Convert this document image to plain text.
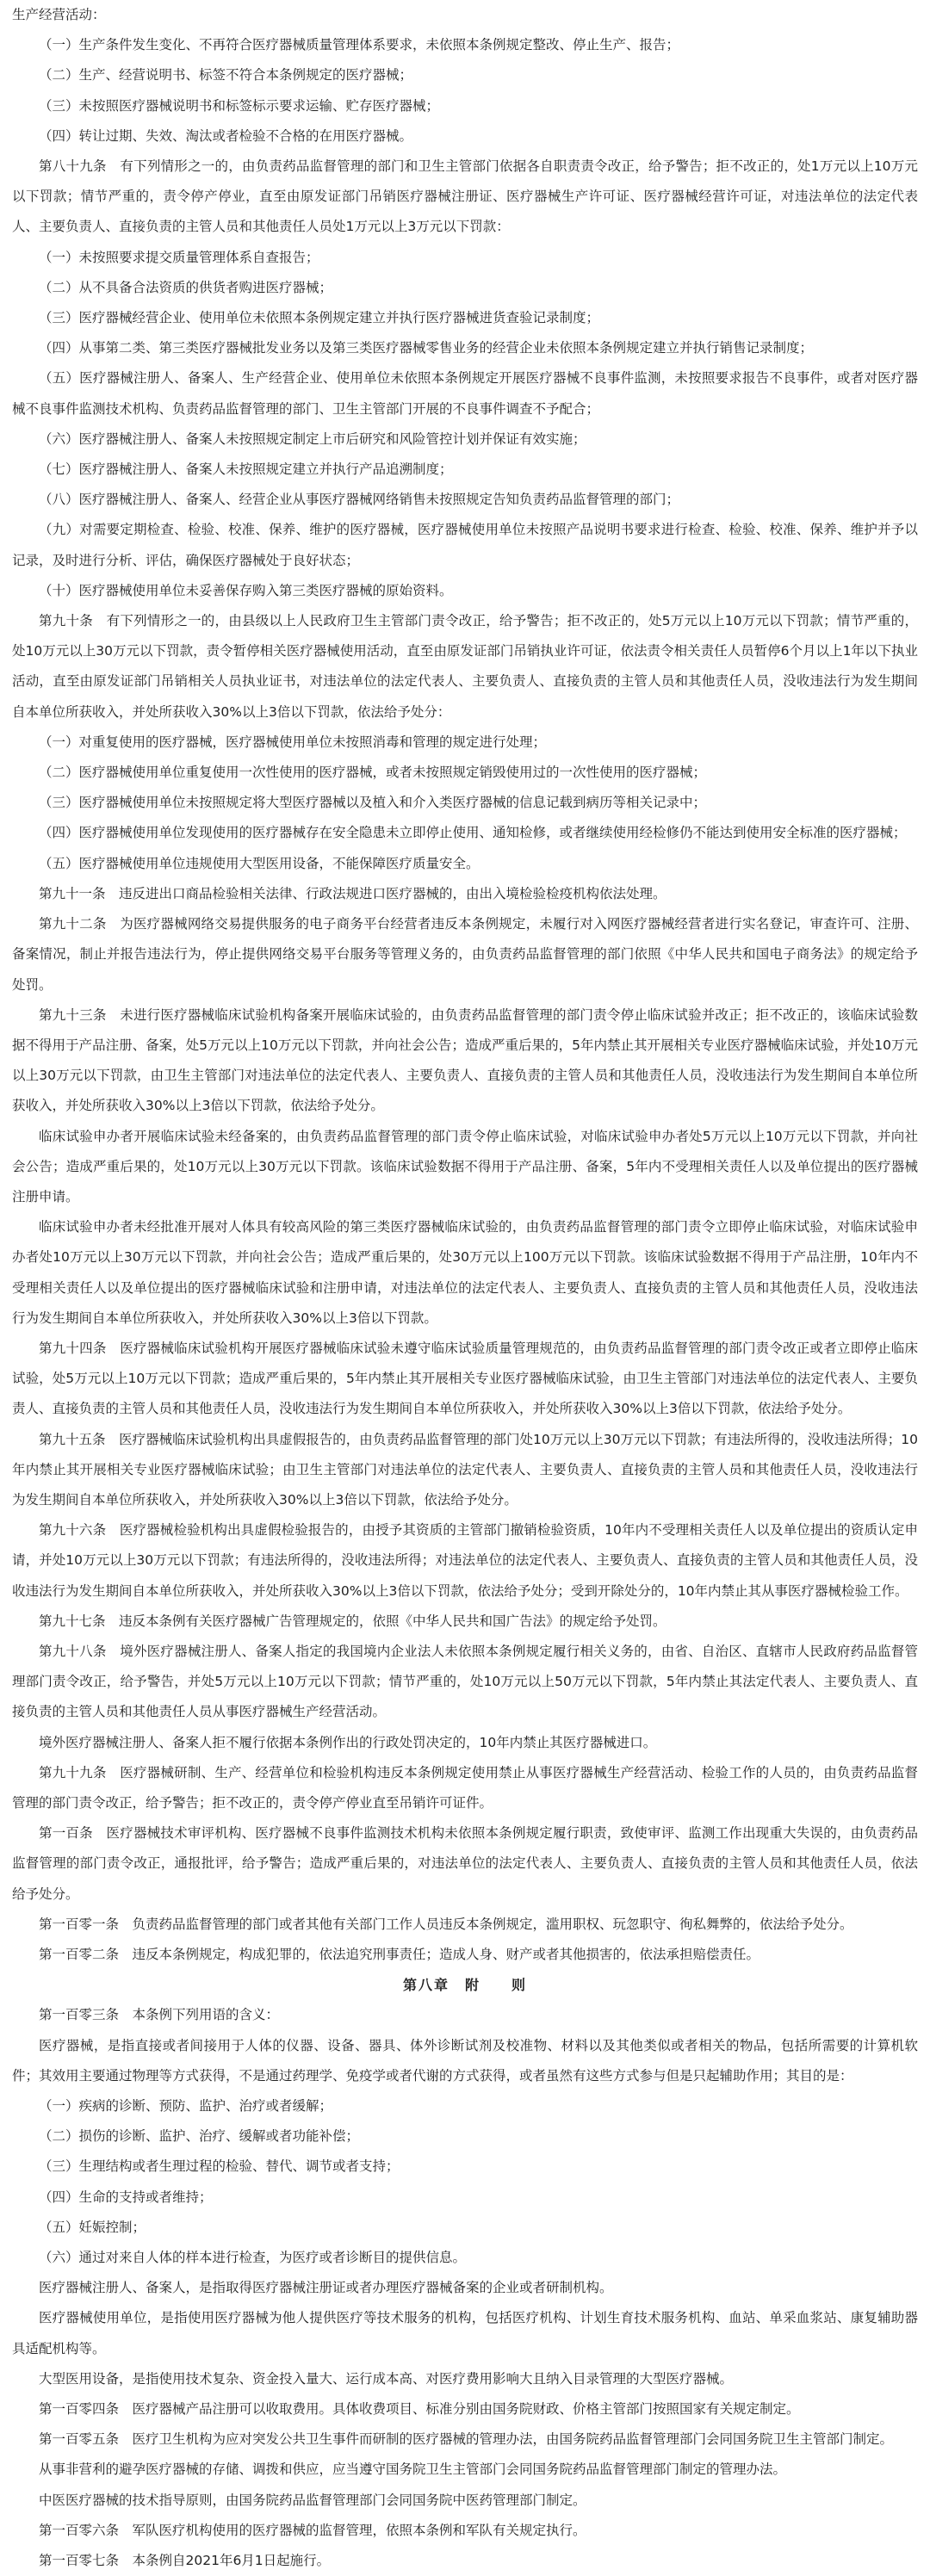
生产经营活动：

（一）生产条件发生变化、不再符合医疗器械质量管理体系要求，未依照本条例规定整改、停止生产、报告；

（二）生产、经营说明书、标签不符合本条例规定的医疗器械；

（三）未按照医疗器械说明书和标签标示要求运输、贮存医疗器械；

（四）转让过期、失效、淘汰或者检验不合格的在用医疗器械。

第八十九条　有下列情形之一的，由负责药品监督管理的部门和卫生主管部门依据各自职责责令改正，给予警告；拒不改正的，处1万元以上10万元以下罚款；情节严重的，责令停产停业，直至由原发证部门吊销医疗器械注册证、医疗器械生产许可证、医疗器械经营许可证，对违法单位的法定代表人、主要负责人、直接负责的主管人员和其他责任人员处1万元以上3万元以下罚款：

（一）未按照要求提交质量管理体系自查报告；

（二）从不具备合法资质的供货者购进医疗器械；

（三）医疗器械经营企业、使用单位未依照本条例规定建立并执行医疗器械进货查验记录制度；

（四）从事第二类、第三类医疗器械批发业务以及第三类医疗器械零售业务的经营企业未依照本条例规定建立并执行销售记录制度；

（五）医疗器械注册人、备案人、生产经营企业、使用单位未依照本条例规定开展医疗器械不良事件监测，未按照要求报告不良事件，或者对医疗器械不良事件监测技术机构、负责药品监督管理的部门、卫生主管部门开展的不良事件调查不予配合；

（六）医疗器械注册人、备案人未按照规定制定上市后研究和风险管控计划并保证有效实施；

（七）医疗器械注册人、备案人未按照规定建立并执行产品追溯制度；

（八）医疗器械注册人、备案人、经营企业从事医疗器械网络销售未按照规定告知负责药品监督管理的部门；

（九）对需要定期检查、检验、校准、保养、维护的医疗器械，医疗器械使用单位未按照产品说明书要求进行检查、检验、校准、保养、维护并予以记录，及时进行分析、评估，确保医疗器械处于良好状态；

（十）医疗器械使用单位未妥善保存购入第三类医疗器械的原始资料。

第九十条　有下列情形之一的，由县级以上人民政府卫生主管部门责令改正，给予警告；拒不改正的，处5万元以上10万元以下罚款；情节严重的，处10万元以上30万元以下罚款，责令暂停相关医疗器械使用活动，直至由原发证部门吊销执业许可证，依法责令相关责任人员暂停6个月以上1年以下执业活动，直至由原发证部门吊销相关人员执业证书，对违法单位的法定代表人、主要负责人、直接负责的主管人员和其他责任人员，没收违法行为发生期间自本单位所获收入，并处所获收入30%以上3倍以下罚款，依法给予处分：

（一）对重复使用的医疗器械，医疗器械使用单位未按照消毒和管理的规定进行处理；

（二）医疗器械使用单位重复使用一次性使用的医疗器械，或者未按照规定销毁使用过的一次性使用的医疗器械；

（三）医疗器械使用单位未按照规定将大型医疗器械以及植入和介入类医疗器械的信息记载到病历等相关记录中；

（四）医疗器械使用单位发现使用的医疗器械存在安全隐患未立即停止使用、通知检修，或者继续使用经检修仍不能达到使用安全标准的医疗器械；

（五）医疗器械使用单位违规使用大型医用设备，不能保障医疗质量安全。

第九十一条　违反进出口商品检验相关法律、行政法规进口医疗器械的，由出入境检验检疫机构依法处理。

第九十二条　为医疗器械网络交易提供服务的电子商务平台经营者违反本条例规定，未履行对入网医疗器械经营者进行实名登记，审查许可、注册、备案情况，制止并报告违法行为，停止提供网络交易平台服务等管理义务的，由负责药品监督管理的部门依照《中华人民共和国电子商务法》的规定给予处罚。

第九十三条　未进行医疗器械临床试验机构备案开展临床试验的，由负责药品监督管理的部门责令停止临床试验并改正；拒不改正的，该临床试验数据不得用于产品注册、备案，处5万元以上10万元以下罚款，并向社会公告；造成严重后果的，5年内禁止其开展相关专业医疗器械临床试验，并处10万元以上30万元以下罚款，由卫生主管部门对违法单位的法定代表人、主要负责人、直接负责的主管人员和其他责任人员，没收违法行为发生期间自本单位所获收入，并处所获收入30%以上3倍以下罚款，依法给予处分。

临床试验申办者开展临床试验未经备案的，由负责药品监督管理的部门责令停止临床试验，对临床试验申办者处5万元以上10万元以下罚款，并向社会公告；造成严重后果的，处10万元以上30万元以下罚款。该临床试验数据不得用于产品注册、备案，5年内不受理相关责任人以及单位提出的医疗器械注册申请。

临床试验申办者未经批准开展对人体具有较高风险的第三类医疗器械临床试验的，由负责药品监督管理的部门责令立即停止临床试验，对临床试验申办者处10万元以上30万元以下罚款，并向社会公告；造成严重后果的，处30万元以上100万元以下罚款。该临床试验数据不得用于产品注册，10年内不受理相关责任人以及单位提出的医疗器械临床试验和注册申请，对违法单位的法定代表人、主要负责人、直接负责的主管人员和其他责任人员，没收违法行为发生期间自本单位所获收入，并处所获收入30%以上3倍以下罚款。

第九十四条　医疗器械临床试验机构开展医疗器械临床试验未遵守临床试验质量管理规范的，由负责药品监督管理的部门责令改正或者立即停止临床试验，处5万元以上10万元以下罚款；造成严重后果的，5年内禁止其开展相关专业医疗器械临床试验，由卫生主管部门对违法单位的法定代表人、主要负责人、直接负责的主管人员和其他责任人员，没收违法行为发生期间自本单位所获收入，并处所获收入30%以上3倍以下罚款，依法给予处分。

第九十五条　医疗器械临床试验机构出具虚假报告的，由负责药品监督管理的部门处10万元以上30万元以下罚款；有违法所得的，没收违法所得；10年内禁止其开展相关专业医疗器械临床试验；由卫生主管部门对违法单位的法定代表人、主要负责人、直接负责的主管人员和其他责任人员，没收违法行为发生期间自本单位所获收入，并处所获收入30%以上3倍以下罚款，依法给予处分。

第九十六条　医疗器械检验机构出具虚假检验报告的，由授予其资质的主管部门撤销检验资质，10年内不受理相关责任人以及单位提出的资质认定申请，并处10万元以上30万元以下罚款；有违法所得的，没收违法所得；对违法单位的法定代表人、主要负责人、直接负责的主管人员和其他责任人员，没收违法行为发生期间自本单位所获收入，并处所获收入30%以上3倍以下罚款，依法给予处分；受到开除处分的，10年内禁止其从事医疗器械检验工作。

第九十七条　违反本条例有关医疗器械广告管理规定的，依照《中华人民共和国广告法》的规定给予处罚。

第九十八条　境外医疗器械注册人、备案人指定的我国境内企业法人未依照本条例规定履行相关义务的，由省、自治区、直辖市人民政府药品监督管理部门责令改正，给予警告，并处5万元以上10万元以下罚款；情节严重的，处10万元以上50万元以下罚款，5年内禁止其法定代表人、主要负责人、直接负责的主管人员和其他责任人员从事医疗器械生产经营活动。

境外医疗器械注册人、备案人拒不履行依据本条例作出的行政处罚决定的，10年内禁止其医疗器械进口。

第九十九条　医疗器械研制、生产、经营单位和检验机构违反本条例规定使用禁止从事医疗器械生产经营活动、检验工作的人员的，由负责药品监督管理的部门责令改正，给予警告；拒不改正的，责令停产停业直至吊销许可证件。

第一百条　医疗器械技术审评机构、医疗器械不良事件监测技术机构未依照本条例规定履行职责，致使审评、监测工作出现重大失误的，由负责药品监督管理的部门责令改正，通报批评，给予警告；造成严重后果的，对违法单位的法定代表人、主要负责人、直接负责的主管人员和其他责任人员，依法给予处分。

第一百零一条　负责药品监督管理的部门或者其他有关部门工作人员违反本条例规定，滥用职权、玩忽职守、徇私舞弊的，依法给予处分。

第一百零二条　违反本条例规定，构成犯罪的，依法追究刑事责任；造成人身、财产或者其他损害的，依法承担赔偿责任。

第八章　附　　则

第一百零三条　本条例下列用语的含义：

医疗器械，是指直接或者间接用于人体的仪器、设备、器具、体外诊断试剂及校准物、材料以及其他类似或者相关的物品，包括所需要的计算机软件；其效用主要通过物理等方式获得，不是通过药理学、免疫学或者代谢的方式获得，或者虽然有这些方式参与但是只起辅助作用；其目的是：

（一）疾病的诊断、预防、监护、治疗或者缓解；

（二）损伤的诊断、监护、治疗、缓解或者功能补偿；

（三）生理结构或者生理过程的检验、替代、调节或者支持；

（四）生命的支持或者维持；

（五）妊娠控制；

（六）通过对来自人体的样本进行检查，为医疗或者诊断目的提供信息。

医疗器械注册人、备案人，是指取得医疗器械注册证或者办理医疗器械备案的企业或者研制机构。

医疗器械使用单位，是指使用医疗器械为他人提供医疗等技术服务的机构，包括医疗机构、计划生育技术服务机构、血站、单采血浆站、康复辅助器具适配机构等。

大型医用设备，是指使用技术复杂、资金投入量大、运行成本高、对医疗费用影响大且纳入目录管理的大型医疗器械。

第一百零四条　医疗器械产品注册可以收取费用。具体收费项目、标准分别由国务院财政、价格主管部门按照国家有关规定制定。

第一百零五条　医疗卫生机构为应对突发公共卫生事件而研制的医疗器械的管理办法，由国务院药品监督管理部门会同国务院卫生主管部门制定。

从事非营利的避孕医疗器械的存储、调拨和供应，应当遵守国务院卫生主管部门会同国务院药品监督管理部门制定的管理办法。

中医医疗器械的技术指导原则，由国务院药品监督管理部门会同国务院中医药管理部门制定。

第一百零六条　军队医疗机构使用的医疗器械的监督管理，依照本条例和军队有关规定执行。

第一百零七条　本条例自2021年6月1日起施行。
